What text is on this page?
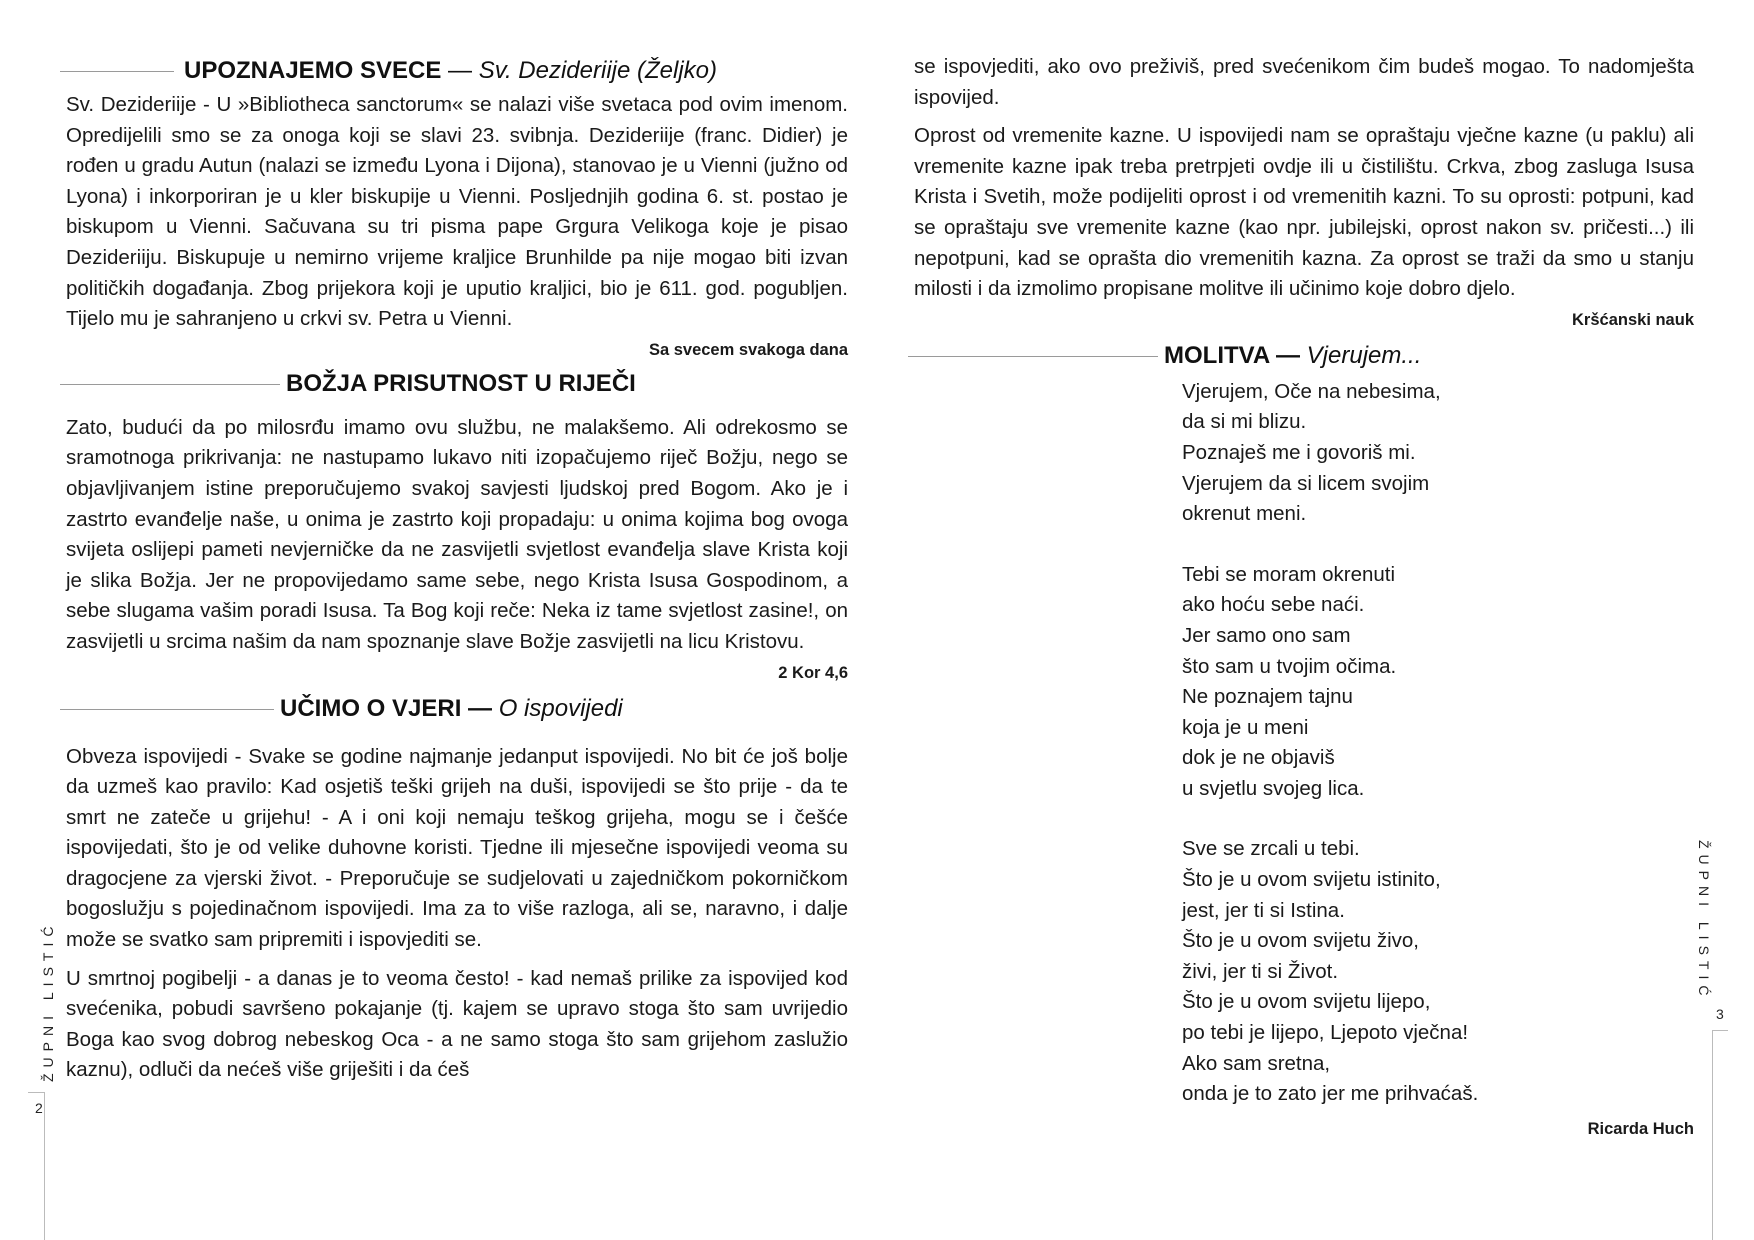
ŽUPNI LISTIĆ
2
ŽUPNI LISTIĆ
3
UPOZNAJEMO SVECE — Sv. Dezideriije (Željko)

Sv. Dezideriije - U »Bibliotheca sanctorum« se nalazi više svetaca pod ovim imenom. Opredijelili smo se za onoga koji se slavi 23. svibnja. Dezideriije (franc. Didier) je rođen u gradu Autun (nalazi se između Lyona i Dijona), stanovao je u Vienni (južno od Lyona) i inkorporiran je u kler biskupije u Vienni. Posljednjih godina 6. st. postao je biskupom u Vienni. Sačuvana su tri pisma pape Grgura Velikoga koje je pisao Dezideriiju. Biskupuje u nemirno vrijeme kraljice Brunhilde pa nije mogao biti izvan političkih događanja. Zbog prijekora koji je uputio kraljici, bio je 611. god. pogubljen. Tijelo mu je sahranjeno u crkvi sv. Petra u Vienni.

Sa svecem svakoga dana

BOŽJA PRISUTNOST U RIJEČI

Zato, budući da po milosrđu imamo ovu službu, ne malakšemo. Ali odrekosmo se sramotnoga prikrivanja: ne nastupamo lukavo niti izopačujemo riječ Božju, nego se objavljivanjem istine preporučujemo svakoj savjesti ljudskoj pred Bogom. Ako je i zastrto evanđelje naše, u onima je zastrto koji propadaju: u onima kojima bog ovoga svijeta oslijepi pameti nevjerničke da ne zasvijetli svjetlost evanđelja slave Krista koji je slika Božja. Jer ne propovijedamo same sebe, nego Krista Isusa Gospodinom, a sebe slugama vašim poradi Isusa. Ta Bog koji reče: Neka iz tame svjetlost zasine!, on zasvijetli u srcima našim da nam spoznanje slave Božje zasvijetli na licu Kristovu.

2 Kor 4,6

UČIMO O VJERI — O ispovijedi

Obveza ispovijedi - Svake se godine najmanje jedanput ispovijedi. No bit će još bolje da uzmeš kao pravilo: Kad osjetiš teški grijeh na duši, ispovijedi se što prije - da te smrt ne zateče u grijehu! - A i oni koji nemaju teškog grijeha, mogu se i češće ispovijedati, što je od velike duhovne koristi. Tjedne ili mjesečne ispovijedi veoma su dragocjene za vjerski život. - Preporučuje se sudjelovati u zajedničkom pokorničkom bogoslužju s pojedinačnom ispovijedi. Ima za to više razloga, ali se, naravno, i dalje može se svatko sam pripremiti i ispovjediti se.

U smrtnoj pogibelji - a danas je to veoma često! - kad nemaš prilike za ispovijed kod svećenika, pobudi savršeno pokajanje (tj. kajem se upravo stoga što sam uvrijedio Boga kao svog dobrog nebeskog Oca - a ne samo stoga što sam grijehom zaslužio kaznu), odluči da nećeš više griješiti i da ćeš

se ispovjediti, ako ovo preživiš, pred svećenikom čim budeš mogao. To nadomješta ispovijed.

Oprost od vremenite kazne. U ispovijedi nam se opraštaju vječne kazne (u paklu) ali vremenite kazne ipak treba pretrpjeti ovdje ili u čistilištu. Crkva, zbog zasluga Isusa Krista i Svetih, može podijeliti oprost i od vremenitih kazni. To su oprosti: potpuni, kad se opraštaju sve vremenite kazne (kao npr. jubilejski, oprost nakon sv. pričesti...) ili nepotpuni, kad se oprašta dio vremenitih kazna. Za oprost se traži da smo u stanju milosti i da izmolimo propisane molitve ili učinimo koje dobro djelo.

Kršćanski nauk

MOLITVA — Vjerujem...
Vjerujem, Oče na nebesima,
da si mi blizu.
Poznaješ me i govoriš mi.
Vjerujem da si licem svojim
okrenut meni.
Tebi se moram okrenuti
ako hoću sebe naći.
Jer samo ono sam
što sam u tvojim očima.
Ne poznajem tajnu
koja je u meni
dok je ne objaviš
u svjetlu svojeg lica.
Sve se zrcali u tebi.
Što je u ovom svijetu istinito,
jest, jer ti si Istina.
Što je u ovom svijetu živo,
živi, jer ti si Život.
Što je u ovom svijetu lijepo,
po tebi je lijepo, Ljepoto vječna!
Ako sam sretna,
onda je to zato jer me prihvaćaš.

Ricarda Huch
